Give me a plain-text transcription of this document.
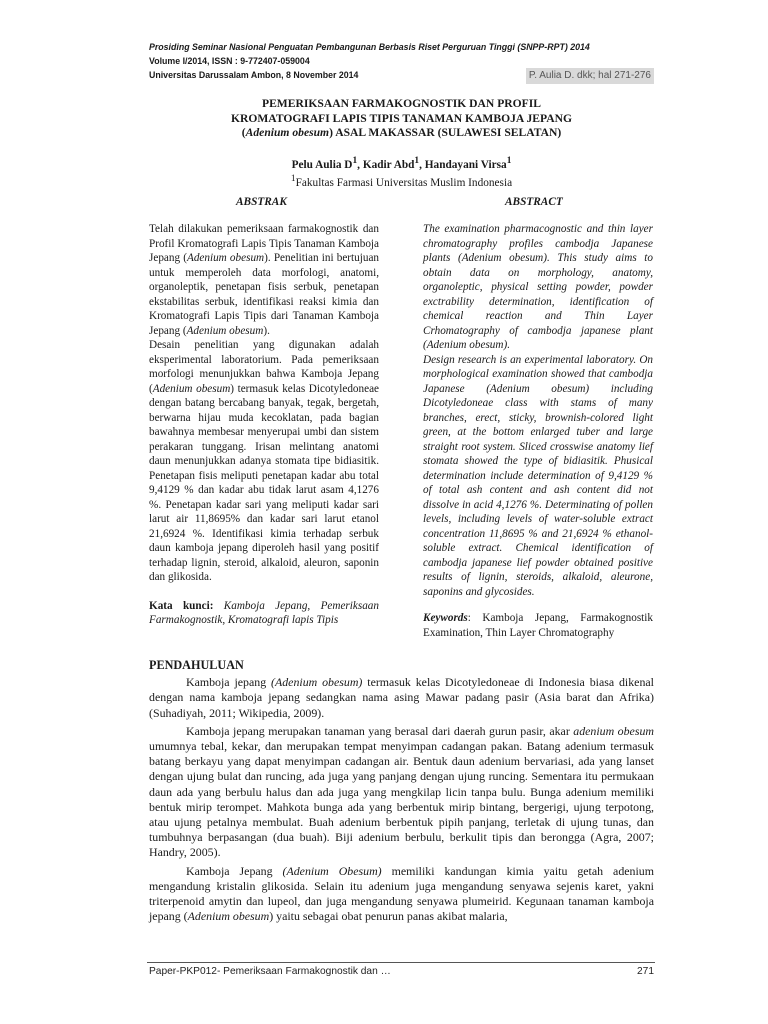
Prosiding Seminar Nasional Penguatan Pembangunan Berbasis Riset Perguruan Tinggi (SNPP-RPT) 2014
Volume I/2014, ISSN : 9-772407-059004
Universitas Darussalam Ambon, 8 November 2014	P. Aulia D. dkk; hal 271-276
PEMERIKSAAN FARMAKOGNOSTIK DAN PROFIL
KROMATOGRAFI LAPIS TIPIS TANAMAN KAMBOJA JEPANG
(Adenium obesum) ASAL MAKASSAR (SULAWESI SELATAN)
Pelu Aulia $D^1$, Kadir Abd$^1$, Handayani Virsa$^1$
$^1$Fakultas Farmasi Universitas Muslim Indonesia
ABSTRAK	ABSTRACT

Telah dilakukan pemeriksaan farmakognostik dan Profil Kromatografi Lapis Tipis Tanaman Kamboja Jepang (Adenium obesum). Penelitian ini bertujuan untuk memperoleh data morfologi, anatomi, organoleptik, penetapan fisis serbuk, penetapan ekstabilitas serbuk, identifikasi reaksi kimia dan Kromatografi Lapis Tipis dari Tanaman Kamboja Jepang (Adenium obesum).

Desain penelitian yang digunakan adalah eksperimental laboratorium. Pada pemeriksaan morfologi menunjukkan bahwa Kamboja Jepang (Adenium obesum) termasuk kelas Dicotyledoneae dengan batang bercabang banyak, tegak, bergetah, berwarna hijau muda kecoklatan, pada bagian bawahnya membesar menyerupai umbi dan sistem perakaran tunggang. Irisan melintang anatomi daun menunjukkan adanya stomata tipe bidiasitik. Penetapan fisis meliputi penetapan kadar abu total 9,4129 % dan kadar abu tidak larut asam 4,1276 %. Penetapan kadar sari yang meliputi kadar sari larut air 11,8695% dan kadar sari larut etanol 21,6924 %. Identifikasi kimia terhadap serbuk daun kamboja jepang diperoleh hasil yang positif terhadap lignin, steroid, alkaloid, aleuron, saponin dan glikosida.

Kata kunci: Kamboja Jepang, Pemeriksaan Farmakognostik, Kromatografi lapis Tipis

The examination pharmacognostic and thin layer chromatography profiles cambodja Japanese plants (Adenium obesum). This study aims to obtain data on morphology, anatomy, organoleptic, physical setting powder, powder exctrability determination, identification of chemical reaction and Thin Layer Crhomatography of cambodja japanese plant (Adenium obesum).

Design research is an experimental laboratory. On morphological examination showed that cambodja Japanese (Adenium obesum) including Dicotyledoneae class with stams of many branches, erect, sticky, brownish-colored light green, at the bottom enlarged tuber and large straight root system. Sliced crosswise anatomy lief stomata showed the type of bidiasitik. Phusical determination include determination of 9,4129 % of total ash content and ash content did not dissolve in acid 4,1276 %. Determinating of pollen levels, including levels of water-soluble extract concentration 11,8695 % and 21,6924 % ethanol-soluble extract. Chemical identification of cambodja japanese lief powder obtained positive results of lignin, steroids, alkaloid, aleurone, saponins and glycosides.

Keywords: Kamboja Jepang, Farmakognostik Examination, Thin Layer Chromatography

PENDAHULUAN

Kamboja jepang (Adenium obesum) termasuk kelas Dicotyledoneae di Indonesia biasa dikenal dengan nama kamboja jepang sedangkan nama asing Mawar padang pasir (Asia barat dan Afrika) (Suhadiyah, 2011; Wikipedia, 2009).

Kamboja jepang merupakan tanaman yang berasal dari daerah gurun pasir, akar adenium obesum umumnya tebal, kekar, dan merupakan tempat menyimpan cadangan pakan. Batang adenium termasuk batang berkayu yang dapat menyimpan cadangan air. Bentuk daun adenium bervariasi, ada yang lanset dengan ujung bulat dan runcing, ada juga yang panjang dengan ujung runcing. Sementara itu permukaan daun ada yang berbulu halus dan ada juga yang mengkilap licin tanpa bulu. Bunga adenium memiliki bentuk mirip terompet. Mahkota bunga ada yang berbentuk mirip bintang, bergerigi, ujung terpotong, atau ujung petalnya membulat. Buah adenium berbentuk pipih panjang, terletak di ujung tunas, dan tumbuhnya berpasangan (dua buah). Biji adenium berbulu, berkulit tipis dan berongga (Agra, 2007; Handry, 2005).

Kamboja Jepang (Adenium Obesum) memiliki kandungan kimia yaitu getah adenium mengandung kristalin glikosida. Selain itu adenium juga mengandung senyawa sejenis karet, yakni triterpenoid amytin dan lupeol, dan juga mengandung senyawa plumeirid. Kegunaan tanaman kamboja jepang (Adenium obesum) yaitu sebagai obat penurun panas akibat malaria,

Paper-PKP012- Pemeriksaan Farmakognostik dan …	271
